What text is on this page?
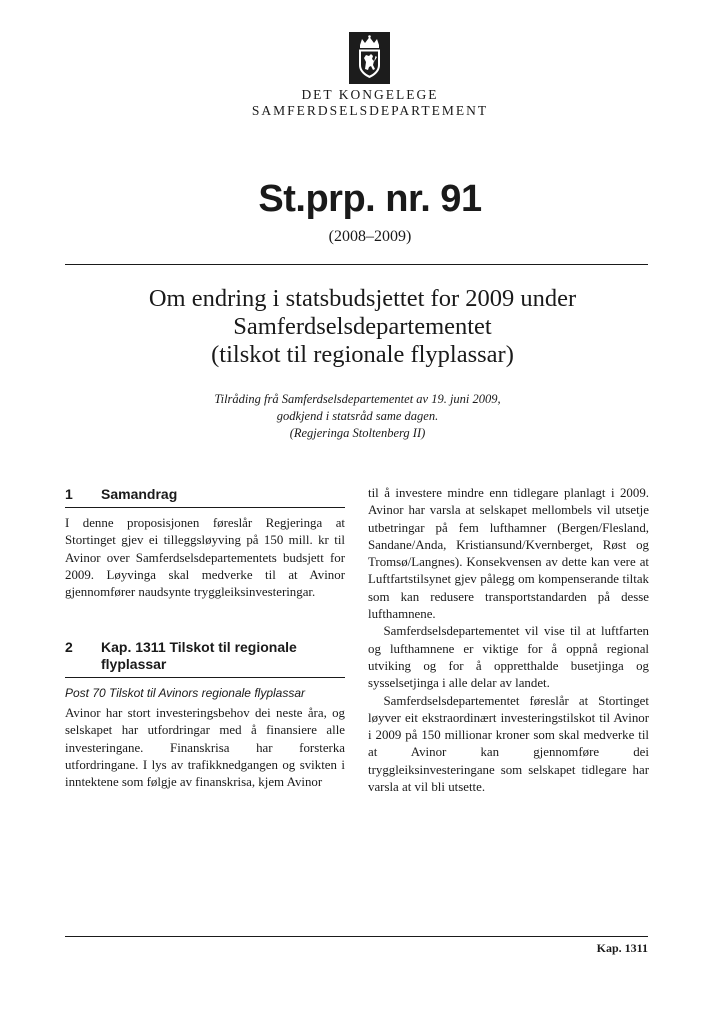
DET KONGELEGE
SAMFERDSELSDEPARTEMENT
St.prp. nr. 91
(2008–2009)
Om endring i statsbudsjettet for 2009 under
Samferdselsdepartementet
(tilskot til regionale flyplassar)
Tilråding frå Samferdselsdepartementet av 19. juni 2009,
godkjend i statsråd same dagen.
(Regjeringa Stoltenberg II)
1 Samandrag

I denne proposisjonen føreslår Regjeringa at Stortinget gjev ei tilleggsløyving på 150 mill. kr til Avinor over Samferdselsdepartementets budsjett for 2009. Løyvinga skal medverke til at Avinor gjennomfører naudsynte tryggleiksinvesteringar.

2 Kap. 1311 Tilskot til regionale
flyplassar
Post 70 Tilskot til Avinors regionale flyplassar

Avinor har stort investeringsbehov dei neste åra, og selskapet har utfordringar med å finansiere alle investeringane. Finanskrisa har forsterka utfordringane. I lys av trafikknedgangen og svikten i inntektene som følgje av finanskrisa, kjem Avinor

til å investere mindre enn tidlegare planlagt i 2009. Avinor har varsla at selskapet mellombels vil utsetje utbetringar på fem lufthamner (Bergen/Flesland, Sandane/Anda, Kristiansund/Kvernberget, Røst og Tromsø/Langnes). Konsekvensen av dette kan vere at Luftfartstilsynet gjev pålegg om kompenserande tiltak som kan redusere transportstandarden på desse lufthamnene.

Samferdselsdepartementet vil vise til at luftfarten og lufthamnene er viktige for å oppnå regional utviking og for å oppretthalde busetjinga og sysselsetjinga i alle delar av landet.

Samferdselsdepartementet føreslår at Stortinget løyver eit ekstraordinært investeringstilskot til Avinor i 2009 på 150 millionar kroner som skal medverke til at Avinor kan gjennomføre dei tryggleiksinvesteringane som selskapet tidlegare har varsla at vil bli utsette.

Kap. 1311
